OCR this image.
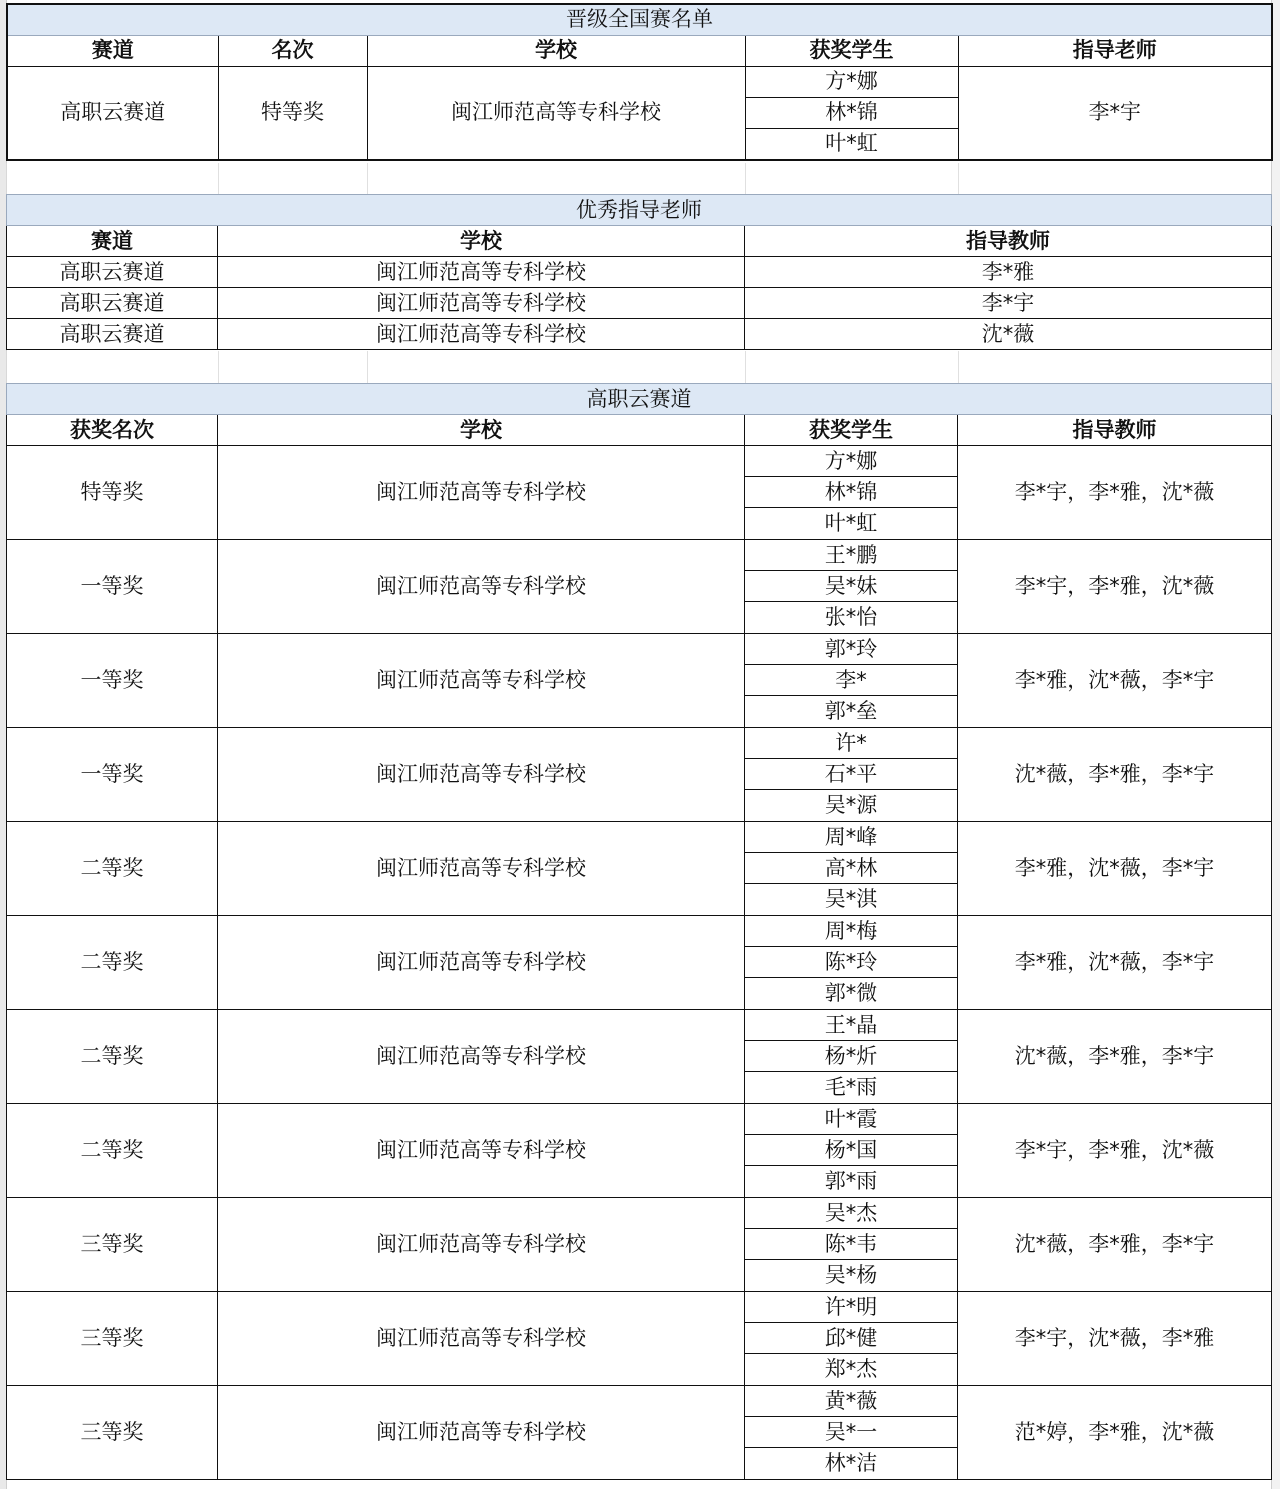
晋级全国赛名单				
赛道	名次	学校	获奖学生	指导老师
高职云赛道	特等奖	闽江师范高等专科学校	方*娜	李*宇
			林*锦	
			叶*虹	
优秀指导老师		
赛道	学校	指导教师
高职云赛道	闽江师范高等专科学校	李*雅
高职云赛道	闽江师范高等专科学校	李*宇
高职云赛道	闽江师范高等专科学校	沈*薇
高职云赛道			
获奖名次	学校	获奖学生	指导教师
特等奖	闽江师范高等专科学校	方*娜	李*宇，李*雅，沈*薇
		林*锦	
		叶*虹	
一等奖	闽江师范高等专科学校	王*鹏	李*宇，李*雅，沈*薇
		吴*妹	
		张*怡	
一等奖	闽江师范高等专科学校	郭*玲	李*雅，沈*薇，李*宇
		李*	
		郭*垒	
一等奖	闽江师范高等专科学校	许*	沈*薇，李*雅，李*宇
		石*平	
		吴*源	
二等奖	闽江师范高等专科学校	周*峰	李*雅，沈*薇，李*宇
		高*林	
		吴*淇	
二等奖	闽江师范高等专科学校	周*梅	李*雅，沈*薇，李*宇
		陈*玲	
		郭*微	
二等奖	闽江师范高等专科学校	王*晶	沈*薇，李*雅，李*宇
		杨*炘	
		毛*雨	
二等奖	闽江师范高等专科学校	叶*霞	李*宇，李*雅，沈*薇
		杨*国	
		郭*雨	
三等奖	闽江师范高等专科学校	吴*杰	沈*薇，李*雅，李*宇
		陈*韦	
		吴*杨	
三等奖	闽江师范高等专科学校	许*明	李*宇，沈*薇，李*雅
		邱*健	
		郑*杰	
三等奖	闽江师范高等专科学校	黄*薇	范*婷，李*雅，沈*薇
		吴*一	
		林*洁	
